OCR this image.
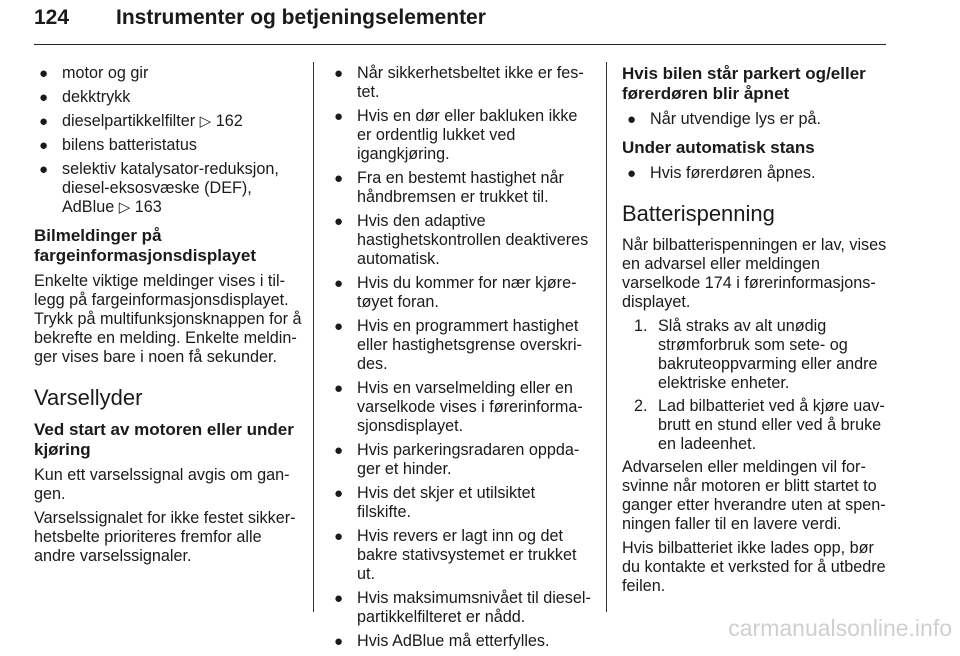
124 Instrumenter og betjeningselementer
● motor og gir
● dekktrykk
● dieselpartikkelfilter ▷ 162
● bilens batteristatus
● selektiv katalysator-reduksjon, diesel-eksosvæske (DEF), AdBlue ▷ 163
Bilmeldinger på fargeinformasjonsdisplayet

Enkelte viktige meldinger vises i tillegg på fargeinformasjonsdisplayet. Trykk på multifunksjonsknappen for å bekrefte en melding. Enkelte meldinger vises bare i noen få sekunder.

Varsellyder
Ved start av motoren eller under kjøring

Kun ett varselssignal avgis om gangen.

Varselssignalet for ikke festet sikkerhetsbelte prioriteres fremfor alle andre varselssignaler.

● Når sikkerhetsbeltet ikke er festet.
● Hvis en dør eller bakluken ikke er ordentlig lukket ved igangkjøring.
● Fra en bestemt hastighet når håndbremsen er trukket til.
● Hvis den adaptive hastighetskontrollen deaktiveres automatisk.
● Hvis du kommer for nær kjøretøyet foran.
● Hvis en programmert hastighet eller hastighetsgrense overskrides.
● Hvis en varselmelding eller en varselkode vises i førerinformasjonsdisplayet.
● Hvis parkeringsradaren oppdager et hinder.
● Hvis det skjer et utilsiktet filskifte.
● Hvis revers er lagt inn og det bakre stativsystemet er trukket ut.
● Hvis maksimumsnivået til dieselpartikkelfilteret er nådd.
● Hvis AdBlue må etterfylles.
Hvis bilen står parkert og/eller førerdøren blir åpnet
● Når utvendige lys er på.
Under automatisk stans
● Hvis førerdøren åpnes.
Batterispenning

Når bilbatterispenningen er lav, vises en advarsel eller meldingen varselkode 174 i førerinformasjonsdisplayet.

1. Slå straks av alt unødig strømforbruk som sete- og bakruteoppvarming eller andre elektriske enheter.
2. Lad bilbatteriet ved å kjøre uavbrutt en stund eller ved å bruke en ladeenhet.

Advarselen eller meldingen vil forsvinne når motoren er blitt startet to ganger etter hverandre uten at spenningen faller til en lavere verdi.

Hvis bilbatteriet ikke lades opp, bør du kontakte et verksted for å utbedre feilen.

carmanualsonline.info
